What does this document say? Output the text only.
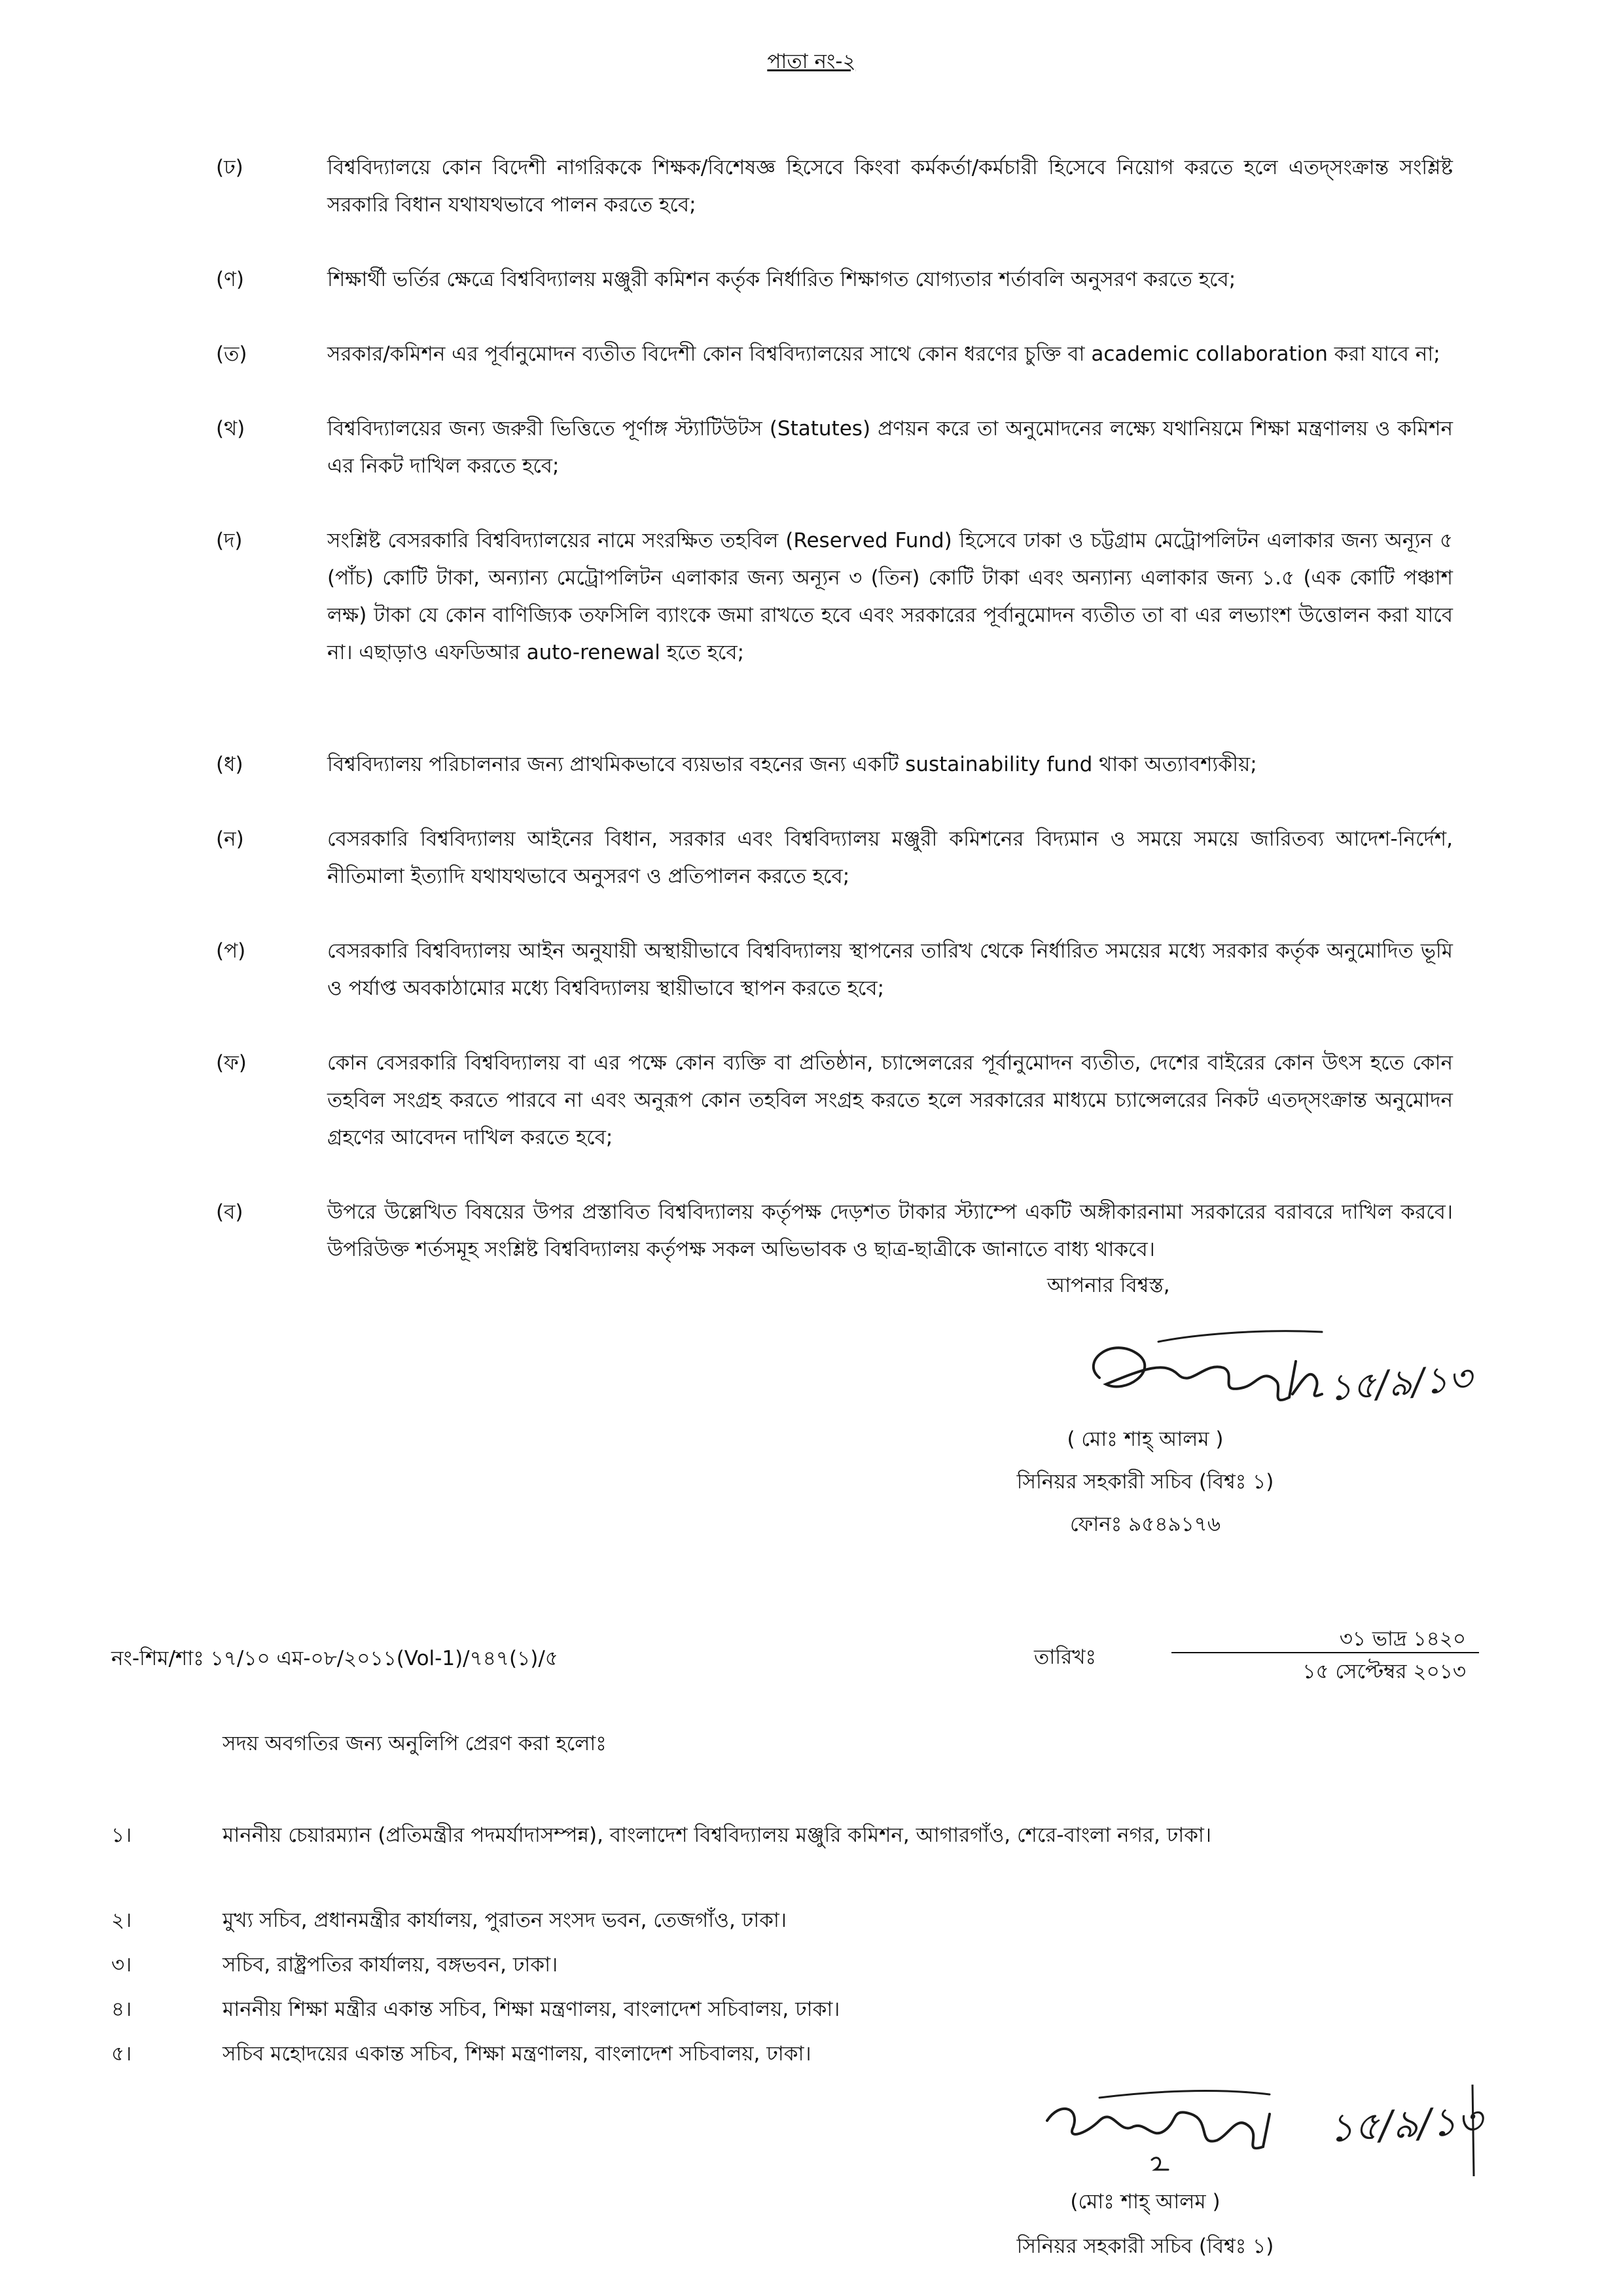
পাতা নং-২
(ঢ)	বিশ্ববিদ্যালয়ে কোন বিদেশী নাগরিককে শিক্ষক/বিশেষজ্ঞ হিসেবে কিংবা কর্মকর্তা/কর্মচারী হিসেবে নিয়োগ করতে হলে এতদ্‌সংক্রান্ত সংশ্লিষ্ট সরকারি বিধান যথাযথভাবে পালন করতে হবে;
(ণ)	শিক্ষার্থী ভর্তির ক্ষেত্রে বিশ্ববিদ্যালয় মঞ্জুরী কমিশন কর্তৃক নির্ধারিত শিক্ষাগত যোগ্যতার শর্তাবলি অনুসরণ করতে হবে;
(ত)	সরকার/কমিশন এর পূর্বানুমোদন ব্যতীত বিদেশী কোন বিশ্ববিদ্যালয়ের সাথে কোন ধরণের চুক্তি বা academic collaboration করা যাবে না;
(থ)	বিশ্ববিদ্যালয়ের জন্য জরুরী ভিত্তিতে পূর্ণাঙ্গ স্ট্যাটিউটস (Statutes) প্রণয়ন করে তা অনুমোদনের লক্ষ্যে যথানিয়মে শিক্ষা মন্ত্রণালয় ও কমিশন এর নিকট দাখিল করতে হবে;
(দ)	সংশ্লিষ্ট বেসরকারি বিশ্ববিদ্যালয়ের নামে সংরক্ষিত তহবিল (Reserved Fund) হিসেবে ঢাকা ও চট্টগ্রাম মেট্রোপলিটন এলাকার জন্য অন্যূন ৫ (পাঁচ) কোটি টাকা, অন্যান্য মেট্রোপলিটন এলাকার জন্য অন্যূন ৩ (তিন) কোটি টাকা এবং অন্যান্য এলাকার জন্য ১.৫ (এক কোটি পঞ্চাশ লক্ষ) টাকা যে কোন বাণিজ্যিক তফসিলি ব্যাংকে জমা রাখতে হবে এবং সরকারের পূর্বানুমোদন ব্যতীত তা বা এর লভ্যাংশ উত্তোলন করা যাবে না। এছাড়াও এফডিআর auto-renewal হতে হবে;
(ধ)	বিশ্ববিদ্যালয় পরিচালনার জন্য প্রাথমিকভাবে ব্যয়ভার বহনের জন্য একটি sustainability fund থাকা অত্যাবশ্যকীয়;
(ন)	বেসরকারি বিশ্ববিদ্যালয় আইনের বিধান, সরকার এবং বিশ্ববিদ্যালয় মঞ্জুরী কমিশনের বিদ্যমান ও সময়ে সময়ে জারিতব্য আদেশ-নির্দেশ, নীতিমালা ইত্যাদি যথাযথভাবে অনুসরণ ও প্রতিপালন করতে হবে;
(প)	বেসরকারি বিশ্ববিদ্যালয় আইন অনুযায়ী অস্থায়ীভাবে বিশ্ববিদ্যালয় স্থাপনের তারিখ থেকে নির্ধারিত সময়ের মধ্যে সরকার কর্তৃক অনুমোদিত ভূমি ও পর্যাপ্ত অবকাঠামোর মধ্যে বিশ্ববিদ্যালয় স্থায়ীভাবে স্থাপন করতে হবে;
(ফ)	কোন বেসরকারি বিশ্ববিদ্যালয় বা এর পক্ষে কোন ব্যক্তি বা প্রতিষ্ঠান, চ্যান্সেলরের পূর্বানুমোদন ব্যতীত, দেশের বাইরের কোন উৎস হতে কোন তহবিল সংগ্রহ করতে পারবে না এবং অনুরূপ কোন তহবিল সংগ্রহ করতে হলে সরকারের মাধ্যমে চ্যান্সেলরের নিকট এতদ্‌সংক্রান্ত অনুমোদন গ্রহণের আবেদন দাখিল করতে হবে;
(ব)	উপরে উল্লেখিত বিষয়ের উপর প্রস্তাবিত বিশ্ববিদ্যালয় কর্তৃপক্ষ দেড়শত টাকার স্ট্যাম্পে একটি অঙ্গীকারনামা সরকারের বরাবরে দাখিল করবে। উপরিউক্ত শর্তসমূহ সংশ্লিষ্ট বিশ্ববিদ্যালয় কর্তৃপক্ষ সকল অভিভাবক ও ছাত্র-ছাত্রীকে জানাতে বাধ্য থাকবে।
আপনার বিশ্বস্ত,
১৫/৯/১৩
( মোঃ শাহ্‌ আলম )
সিনিয়র সহকারী সচিব (বিশ্বঃ ১)
ফোনঃ ৯৫৪৯১৭৬
নং-শিম/শাঃ ১৭/১০ এম-০৮/২০১১(Vol-1)/৭৪৭(১)/৫	তারিখঃ
৩১ ভাদ্র ১৪২০
১৫ সেপ্টেম্বর ২০১৩
সদয় অবগতির জন্য অনুলিপি প্রেরণ করা হলোঃ
১।	মাননীয় চেয়ারম্যান (প্রতিমন্ত্রীর পদমর্যাদাসম্পন্ন), বাংলাদেশ বিশ্ববিদ্যালয় মঞ্জুরি কমিশন, আগারগাঁও, শেরে-বাংলা নগর, ঢাকা।
২।	মুখ্য সচিব, প্রধানমন্ত্রীর কার্যালয়, পুরাতন সংসদ ভবন, তেজগাঁও, ঢাকা।
৩।	সচিব, রাষ্ট্রপতির কার্যালয়, বঙ্গভবন, ঢাকা।
৪।	মাননীয় শিক্ষা মন্ত্রীর একান্ত সচিব, শিক্ষা মন্ত্রণালয়, বাংলাদেশ সচিবালয়, ঢাকা।
৫।	সচিব মহোদয়ের একান্ত সচিব, শিক্ষা মন্ত্রণালয়, বাংলাদেশ সচিবালয়, ঢাকা।
১৫/৯/১৩
(মোঃ শাহ্‌ আলম )
সিনিয়র সহকারী সচিব (বিশ্বঃ ১)
